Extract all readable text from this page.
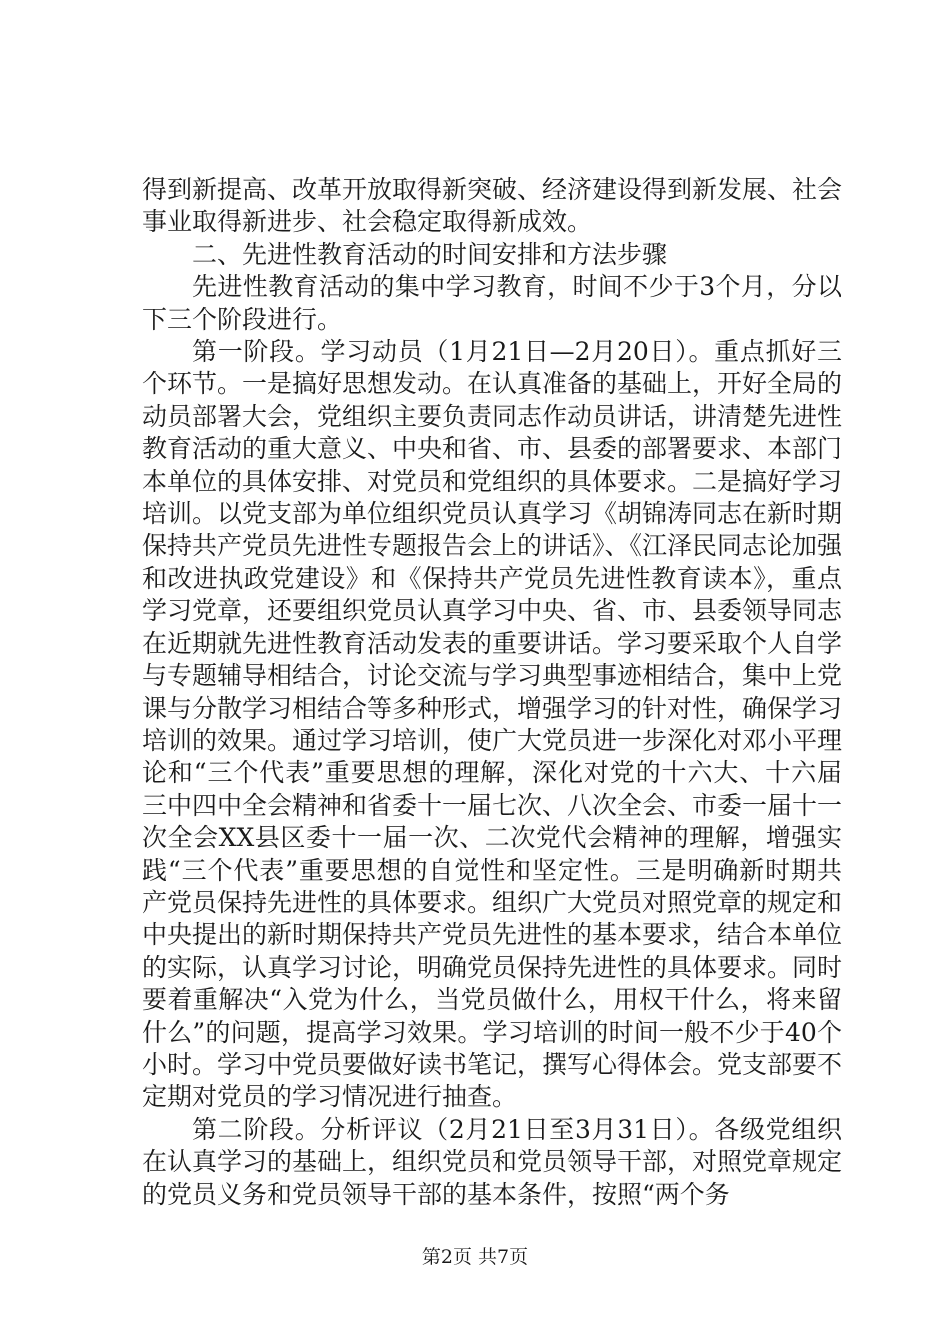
得到新提高、改革开放取得新突破、经济建设得到新发展、社会事业取得新进步、社会稳定取得新成效。

二、先进性教育活动的时间安排和方法步骤

先进性教育活动的集中学习教育，时间不少于3个月，分以下三个阶段进行。

第一阶段。学习动员（1月21日—2月20日）。重点抓好三个环节。一是搞好思想发动。在认真准备的基础上，开好全局的动员部署大会，党组织主要负责同志作动员讲话，讲清楚先进性教育活动的重大意义、中央和省、市、县委的部署要求、本部门本单位的具体安排、对党员和党组织的具体要求。二是搞好学习培训。以党支部为单位组织党员认真学习《胡锦涛同志在新时期保持共产党员先进性专题报告会上的讲话》、《江泽民同志论加强和改进执政党建设》和《保持共产党员先进性教育读本》，重点学习党章，还要组织党员认真学习中央、省、市、县委领导同志在近期就先进性教育活动发表的重要讲话。学习要采取个人自学与专题辅导相结合，讨论交流与学习典型事迹相结合，集中上党课与分散学习相结合等多种形式，增强学习的针对性，确保学习培训的效果。通过学习培训，使广大党员进一步深化对邓小平理论和“三个代表”重要思想的理解，深化对党的十六大、十六届三中四中全会精神和省委十一届七次、八次全会、市委一届十一次全会XX县区委十一届一次、二次党代会精神的理解，增强实践“三个代表”重要思想的自觉性和坚定性。三是明确新时期共产党员保持先进性的具体要求。组织广大党员对照党章的规定和中央提出的新时期保持共产党员先进性的基本要求，结合本单位的实际，认真学习讨论，明确党员保持先进性的具体要求。同时要着重解决“入党为什么，当党员做什么，用权干什么，将来留什么”的问题，提高学习效果。学习培训的时间一般不少于40个小时。学习中党员要做好读书笔记，撰写心得体会。党支部要不定期对党员的学习情况进行抽查。

第二阶段。分析评议（2月21日至3月31日）。各级党组织在认真学习的基础上，组织党员和党员领导干部，对照党章规定的党员义务和党员领导干部的基本条件，按照“两个务

第2页 共7页
